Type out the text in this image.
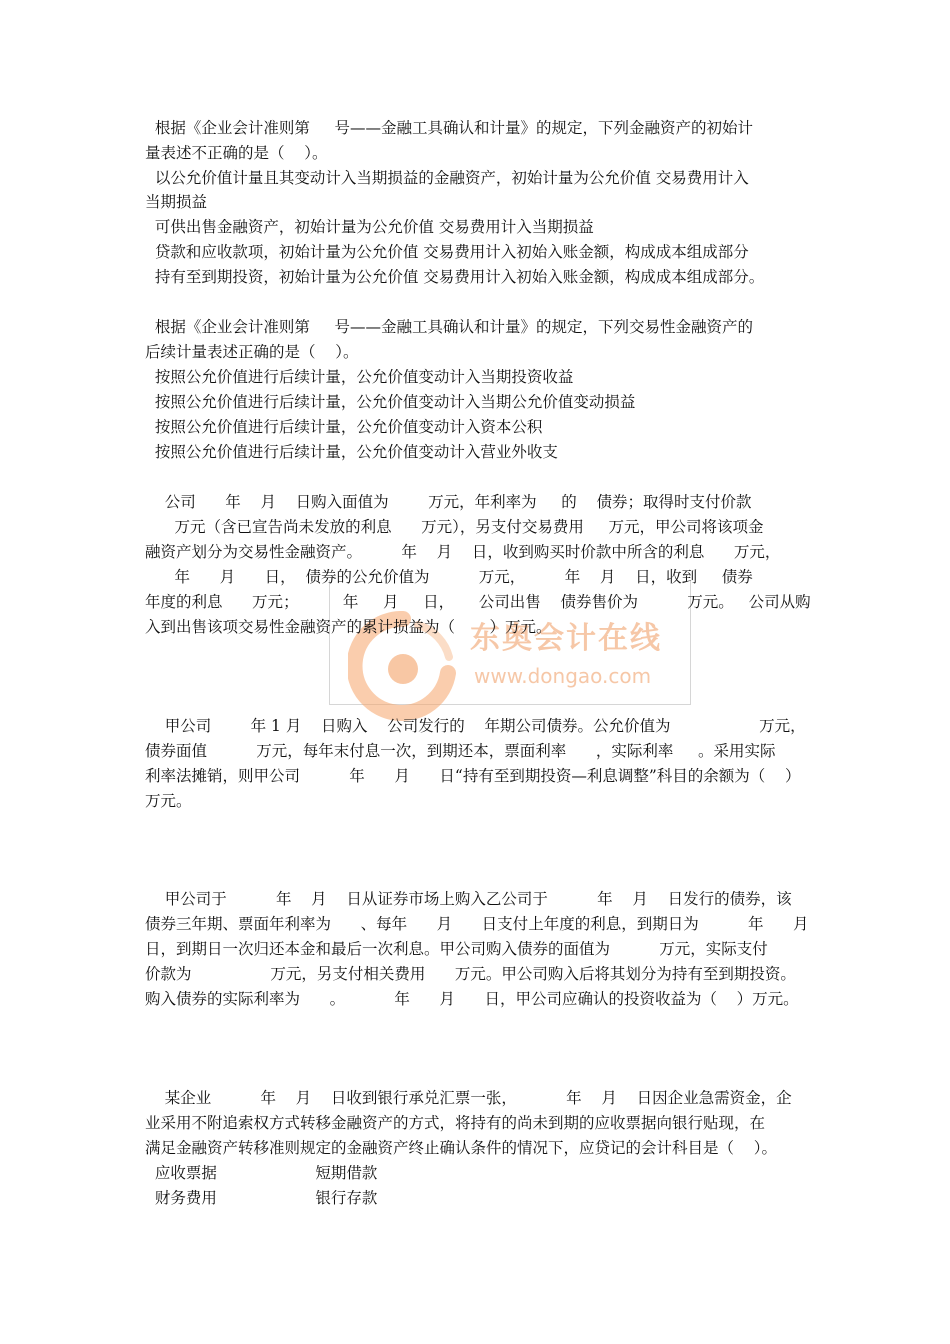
根据《企业会计准则第     号——金融工具确认和计量》的规定，下列金融资产的初始计
量表述不正确的是（    ）。
以公允价值计量且其变动计入当期损益的金融资产，初始计量为公允价值 交易费用计入
当期损益
可供出售金融资产，初始计量为公允价值 交易费用计入当期损益
贷款和应收款项，初始计量为公允价值 交易费用计入初始入账金额，构成成本组成部分
持有至到期投资，初始计量为公允价值 交易费用计入初始入账金额，构成成本组成部分。
根据《企业会计准则第     号——金融工具确认和计量》的规定，下列交易性金融资产的
后续计量表述正确的是（    ）。
按照公允价值进行后续计量，公允价值变动计入当期投资收益
按照公允价值进行后续计量，公允价值变动计入当期公允价值变动损益
按照公允价值进行后续计量，公允价值变动计入资本公积
按照公允价值进行后续计量，公允价值变动计入营业外收支
东奥会计在线
www.dongao.com
公司      年    月    日购入面值为        万元，年利率为     的    债券；取得时支付价款
万元（含已宣告尚未发放的利息      万元），另支付交易费用     万元，甲公司将该项金
融资产划分为交易性金融资产。        年    月    日，收到购买时价款中所含的利息      万元，
年      月      日，  债券的公允价值为          万元，        年    月    日，收到     债券
年度的利息      万元；         年     月     日，     公司出售    债券售价为          万元。   公司从购
入到出售该项交易性金融资产的累计损益为（       ）万元。
甲公司        年 1 月    日购入    公司发行的    年期公司债券。公允价值为                  万元，
债券面值          万元，每年末付息一次，到期还本，票面利率      ，实际利率     。采用实际
利率法摊销，则甲公司          年      月      日“持有至到期投资—利息调整”科目的余额为（    ）
万元。
甲公司于          年    月    日从证券市场上购入乙公司于          年    月    日发行的债券，该
债券三年期、票面年利率为      、每年      月      日支付上年度的利息，到期日为          年      月
日，到期日一次归还本金和最后一次利息。甲公司购入债券的面值为          万元，实际支付
价款为                万元，另支付相关费用      万元。甲公司购入后将其划分为持有至到期投资。
购入债券的实际利率为      。          年      月      日，甲公司应确认的投资收益为（    ）万元。
某企业          年    月    日收到银行承兑汇票一张，          年    月    日因企业急需资金，企
业采用不附追索权方式转移金融资产的方式，将持有的尚未到期的应收票据向银行贴现，在
满足金融资产转移准则规定的金融资产终止确认条件的情况下，应贷记的会计科目是（    ）。
应收票据                    短期借款
财务费用                    银行存款
